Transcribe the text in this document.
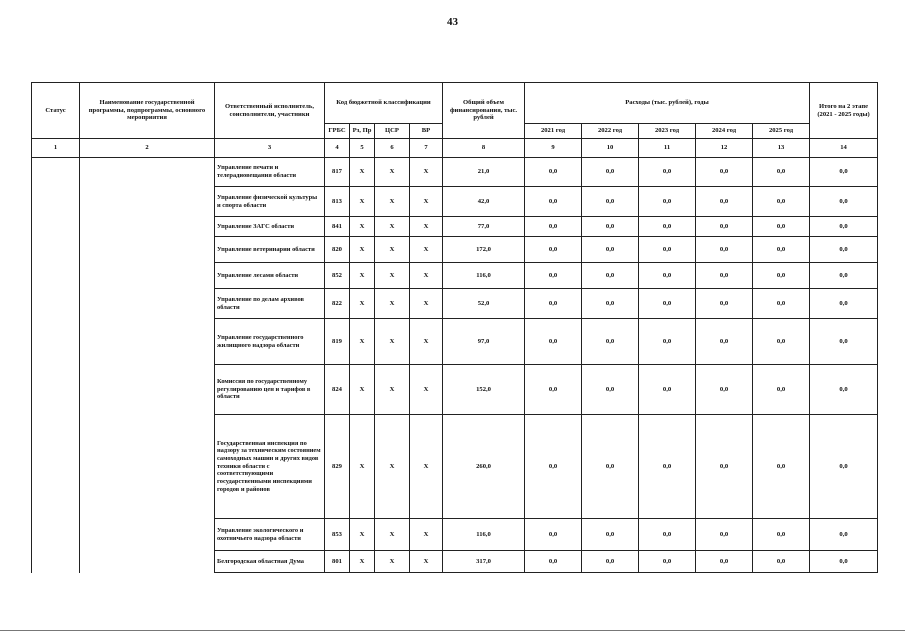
43
Статус	Наименование государственной программы, подпрограммы, основного мероприятия	Ответственный исполнитель, соисполнители, участники	Код бюджетной классификации				Общий объем финансирования, тыс. рублей	Расходы (тыс. рублей), годы					Итого на 2 этапе (2021 - 2025 годы)
			ГРБС	Рз, Пр	ЦСР	ВР		2021 год	2022 год	2023 год	2024 год	2025 год	
1	2	3	4	5	6	7	8	9	10	11	12	13	14
		Управление печати и телерадиовещания области	817	Х	Х	Х	21,0	0,0	0,0	0,0	0,0	0,0	0,0
		Управление физической культуры и спорта области	813	Х	Х	Х	42,0	0,0	0,0	0,0	0,0	0,0	0,0
		Управление ЗАГС области	841	Х	Х	Х	77,0	0,0	0,0	0,0	0,0	0,0	0,0
		Управление ветеринарии области	820	Х	Х	Х	172,0	0,0	0,0	0,0	0,0	0,0	0,0
		Управление лесами области	852	Х	Х	Х	116,0	0,0	0,0	0,0	0,0	0,0	0,0
		Управление по делам архивов области	822	Х	Х	Х	52,0	0,0	0,0	0,0	0,0	0,0	0,0
		Управление государственного жилищного надзора области	819	Х	Х	Х	97,0	0,0	0,0	0,0	0,0	0,0	0,0
		Комиссия по государственному регулированию цен и тарифов в области	824	Х	Х	Х	152,0	0,0	0,0	0,0	0,0	0,0	0,0
		Государственная инспекция по надзору за техническим состоянием самоходных машин и других видов техники области с соответствующими государственными инспекциями городов и районов	829	Х	Х	Х	260,0	0,0	0,0	0,0	0,0	0,0	0,0
		Управление экологического и охотничьего надзора области	853	Х	Х	Х	116,0	0,0	0,0	0,0	0,0	0,0	0,0
		Белгородская областная Дума	801	Х	Х	Х	317,0	0,0	0,0	0,0	0,0	0,0	0,0
